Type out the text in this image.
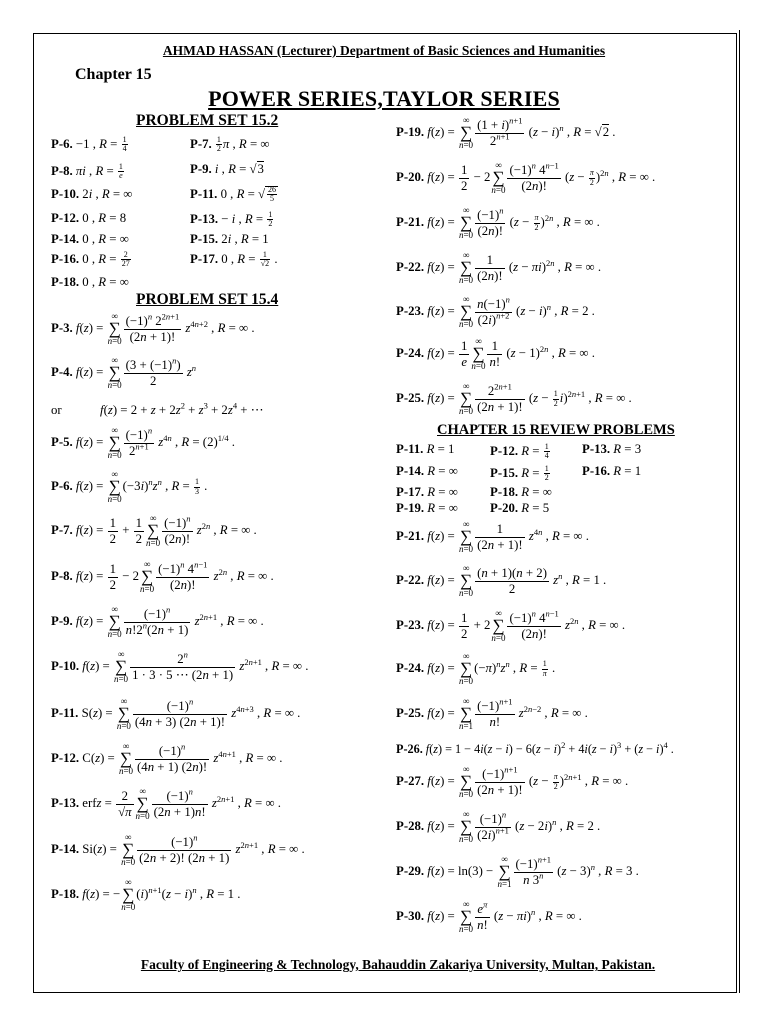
AHMAD HASSAN (Lecturer) Department of Basic Sciences and Humanities
Chapter 15
POWER SERIES,TAYLOR SERIES
PROBLEM SET 15.2
P-6. −1 , $R = \frac{1}{4}$	P-7. $\frac{1}{2}$ π , R = ∞
P-8. πi , $R = \frac{1}{e}$	P-9. i , R = √3
P-10. 2i , R = ∞	P-11. 0 , R = √ $\frac{26}{5}$
P-12. 0 , R = 8	P-13. − i , $R = \frac{1}{2}$
P-14. 0 , R = ∞	P-15. 2i , R = 1
P-16. 0 , $R = \frac{2}{27}$	P-17. 0 , $R = \frac{1}{√2}$ .
P-18. 0 , R = ∞
PROBLEM SET 15.4
P-3. f(z) =
∞
∑
$n=0 \frac{(-1)^n 2^{2n+1}}{(2n + 1)!} z^{4n+2}$ , R = ∞ .
P-4. f(z) =
∞
∑
$n=0 \frac{(3 + (-1)^n)}{2} z^n$
or	$f(z) = 2 + z + 2z^2 + z^3 + 2z^4$ + ⋯
P-5. f(z) =
∞
∑
$n=0 \frac{(-1)^n}{2^{n+1}} z^{4n}$ , $R = (2)^{1/4}$ .
P-6. f(z) =
∞
∑
n=0
$(-3i)^nz^n$ , $R = \frac{1}{3}$ .
P-7. $f(z) = \frac{1}{2} + \frac{1}{2}$ ∞
∑
$n=0 \frac{(-1)^n}{(2n)!} z^{2n}$ , R = ∞ .
P-8. $f(z) = \frac{1}{2} - 2$
∞
∑
$n=0 \frac{(-1)^n 4^{n-1}}{(2n)!} z^{2n}$ , R = ∞ .
P-9. f(z) =
∞
∑
$n=0 \frac{(-1)^n}{n!2^n(2n + 1)} z^{2n+1}$ , R = ∞ .
P-10. f(z) =
∞
∑
$n=0 \frac{2^n}{1 \cdot 3 \cdot 5 \cdots (2n + 1)} z^{2n+1}$ , R = ∞ .
P-11. S(z) =
∞
∑
$n=0 \frac{(-1)^n}{(4n + 3) (2n + 1)!} z^{4n+3}$ , R = ∞ .
P-12. C(z) =
∞
∑
$n=0 \frac{(-1)^n}{(4n + 1) (2n)!} z^{4n+1}$ , R = ∞ .
P-13. erfz = $\frac{2}{√\pi}$ ∞
∑
$n=0 \frac{(-1)^n}{(2n + 1)n!} z^{2n+1}$ , R = ∞ .
P-14. Si(z) =
∞
∑
$n=0 \frac{(-1)^n}{(2n + 2)! (2n + 1)} z^{2n+1}$ , R = ∞ .
P-18. f(z) = −
∞
∑
n=0
$(i)^{n+1}(z - i)^n$ , R = 1 .
P-19. f(z) =
∞
∑
$n=0 \frac{(1 + i)^{n+1}}{2^{n+1}} (z - i)^n$ , R = √2 .
P-20. $f(z) = \frac{1}{2} - 2$
∞
∑
$n=0 \frac{(-1)^n 4^{n-1}}{(2n)!} (z - \frac{\pi}{2} )^{2n}$ , R = ∞ .
P-21. f(z) =
∞
∑
$n=0 \frac{(-1)^n}{(2n)!} (z - \frac{\pi}{2} )^{2n}$ , R = ∞ .
P-22. f(z) =
∞
∑
$n=0 \frac{1}{(2n)!} (z - \pi i)^{2n}$ , R = ∞ .
P-23. f(z) =
∞
∑
$n=0 \frac{n(-1)^n}{(2i)^{n+2}} (z - i)^n$ , R = 2 .
P-24. $f(z) = \frac{1}{e}$ ∞
∑
$n=0 \frac{1}{n!} (z - 1)^{2n}$ , R = ∞ .
P-25. f(z) =
∞
∑
$n=0 \frac{2^{2n+1}}{(2n + 1)!} (z - \frac{1}{2} i)^{2n+1}$ , R = ∞ .
CHAPTER 15 REVIEW PROBLEMS
P-11. R = 1	P-12. $R = \frac{1}{4}$	P-13. R = 3
P-14. R = ∞	P-15. $R = \frac{1}{2}$	P-16. R = 1
P-17. R = ∞	P-18. R = ∞
P-19. R = ∞	P-20. R = 5
P-21. f(z) =
∞
∑
$n=0 \frac{1}{(2n + 1)!} z^{4n}$ , R = ∞ .
P-22. f(z) =
∞
∑
$n=0 \frac{(n + 1)(n + 2)}{2} z^n$ , R = 1 .
P-23. $f(z) = \frac{1}{2} + 2$
∞
∑
$n=0 \frac{(-1)^n 4^{n-1}}{(2n)!} z^{2n}$ , R = ∞ .
P-24. f(z) =
∞
∑
n=0
$(-\pi)^nz^n$ , $R = \frac{1}{\pi}$ .
P-25. f(z) =
∞
∑
$n=1 \frac{(-1)^{n+1}}{n!} z^{2n-2}$ , R = ∞ .
P-26. $f(z) = 1 - 4i(z - i) - 6(z - i)^2 + 4i(z - i)^3 + (z - i)^4$ .
P-27. f(z) =
∞
∑
$n=0 \frac{(-1)^{n+1}}{(2n + 1)!} (z - \frac{\pi}{2} )^{2n+1}$ , R = ∞ .
P-28. f(z) =
∞
∑
$n=0 \frac{(-1)^n}{(2i)^{n+1}} (z - 2i)^n$ , R = 2 .
P-29. f(z) = ln(3) −
∞
∑
$n=1 \frac{(-1)^{n+1}}{n 3^n} (z - 3)^n$ , R = 3 .
P-30. f(z) =
∞
∑
$n=0 \frac{e^\pi}{n!} (z - \pi i)^n$ , R = ∞ .
Faculty of Engineering & Technology, Bahauddin Zakariya University, Multan, Pakistan.
